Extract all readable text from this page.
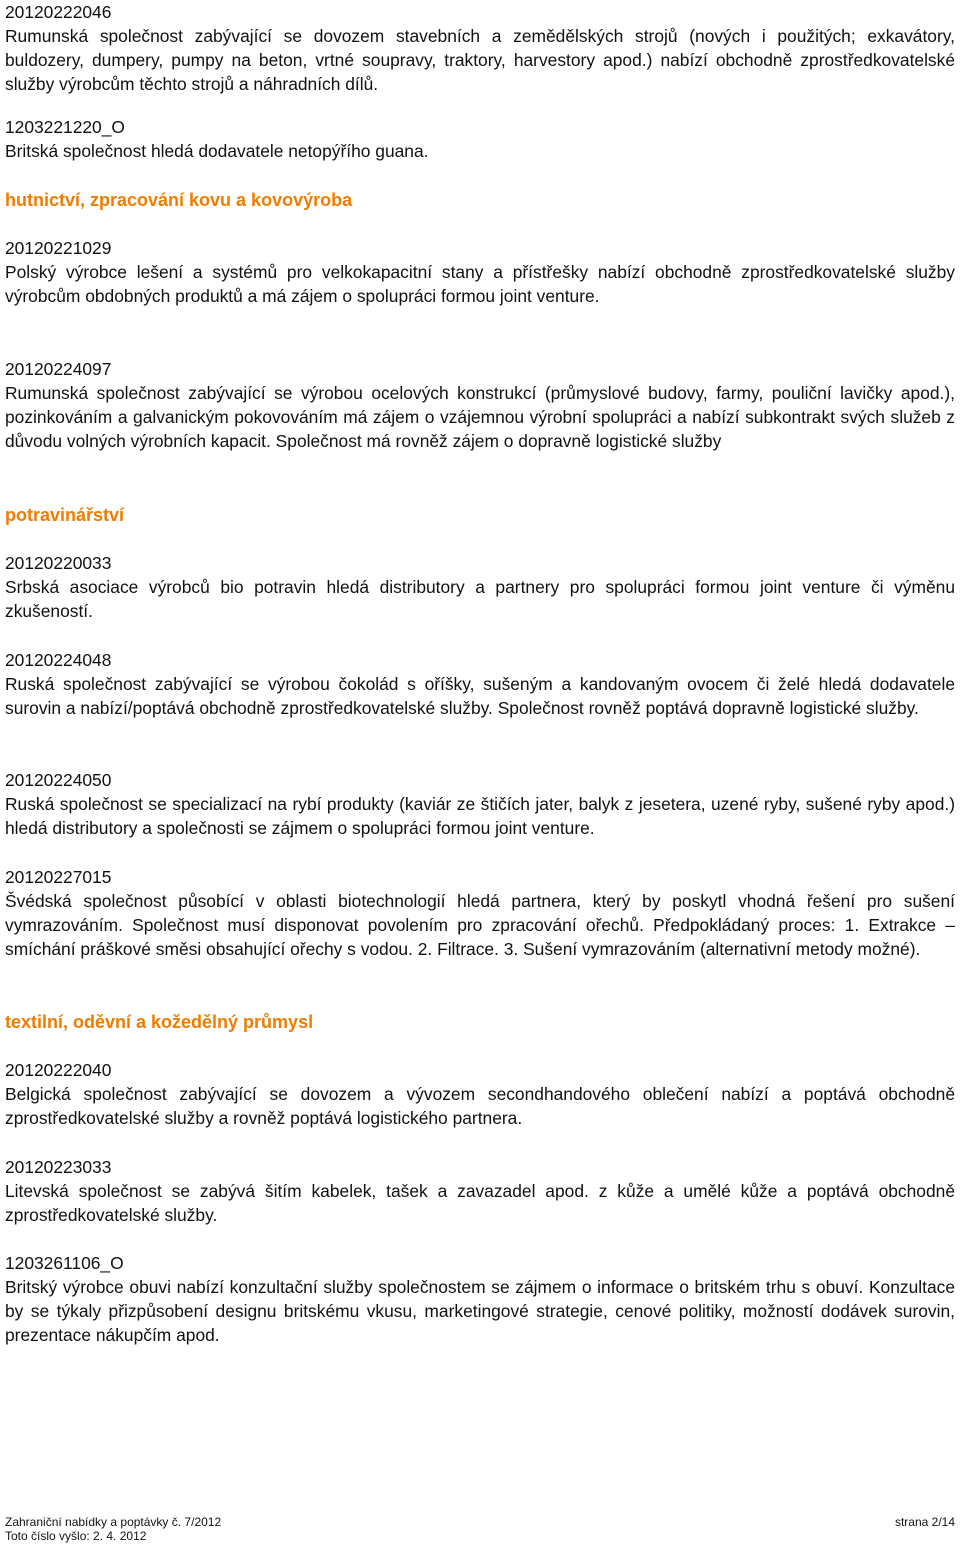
20120222046

Rumunská společnost zabývající se dovozem stavebních a zemědělských strojů (nových i použitých; exkavátory, buldozery, dumpery, pumpy na beton, vrtné soupravy, traktory, harvestory apod.) nabízí obchodně zprostředkovatelské služby výrobcům těchto strojů a náhradních dílů.

1203221220_O

Britská společnost hledá dodavatele netopýřího guana.

hutnictví, zpracování kovu a kovovýroba

20120221029

Polský výrobce lešení a systémů pro velkokapacitní stany a přístřešky nabízí obchodně zprostředkovatelské služby výrobcům obdobných produktů a má zájem o spolupráci formou joint venture.

20120224097

Rumunská společnost zabývající se výrobou ocelových konstrukcí (průmyslové budovy, farmy, pouliční lavičky apod.), pozinkováním a galvanickým pokovováním má zájem o vzájemnou výrobní spolupráci a nabízí subkontrakt svých služeb z důvodu volných výrobních kapacit. Společnost má rovněž zájem o dopravně logistické služby

potravinářství

20120220033

Srbská asociace výrobců bio potravin hledá distributory a partnery pro spolupráci formou joint venture či výměnu zkušeností.

20120224048

Ruská společnost zabývající se výrobou čokolád s oříšky, sušeným a kandovaným ovocem či želé hledá dodavatele surovin a nabízí/poptává obchodně zprostředkovatelské služby. Společnost rovněž poptává dopravně logistické služby.

20120224050

Ruská společnost se specializací na rybí produkty (kaviár ze štičích jater, balyk z jesetera, uzené ryby, sušené ryby apod.) hledá distributory a společnosti se zájmem o spolupráci formou joint venture.

20120227015

Švédská společnost působící v oblasti biotechnologií hledá partnera, který by poskytl vhodná řešení pro sušení vymrazováním. Společnost musí disponovat povolením pro zpracování ořechů. Předpokládaný proces: 1. Extrakce – smíchání práškové směsi obsahující ořechy s vodou. 2. Filtrace. 3. Sušení vymrazováním (alternativní metody možné).

textilní, oděvní a kožedělný průmysl

20120222040

Belgická společnost zabývající se dovozem a vývozem secondhandového oblečení nabízí a poptává obchodně zprostředkovatelské služby a rovněž poptává logistického partnera.

20120223033

Litevská společnost se zabývá šitím kabelek, tašek a zavazadel apod. z kůže a umělé kůže a poptává obchodně zprostředkovatelské služby.

1203261106_O

Britský výrobce obuvi nabízí konzultační služby společnostem se zájmem o informace o britském trhu s obuví. Konzultace by se týkaly přizpůsobení designu britskému vkusu, marketingové strategie, cenové politiky, možností dodávek surovin, prezentace nákupčím apod.

Zahraniční nabídky a poptávky č. 7/2012	strana 2/14
Toto číslo vyšlo: 2. 4. 2012
